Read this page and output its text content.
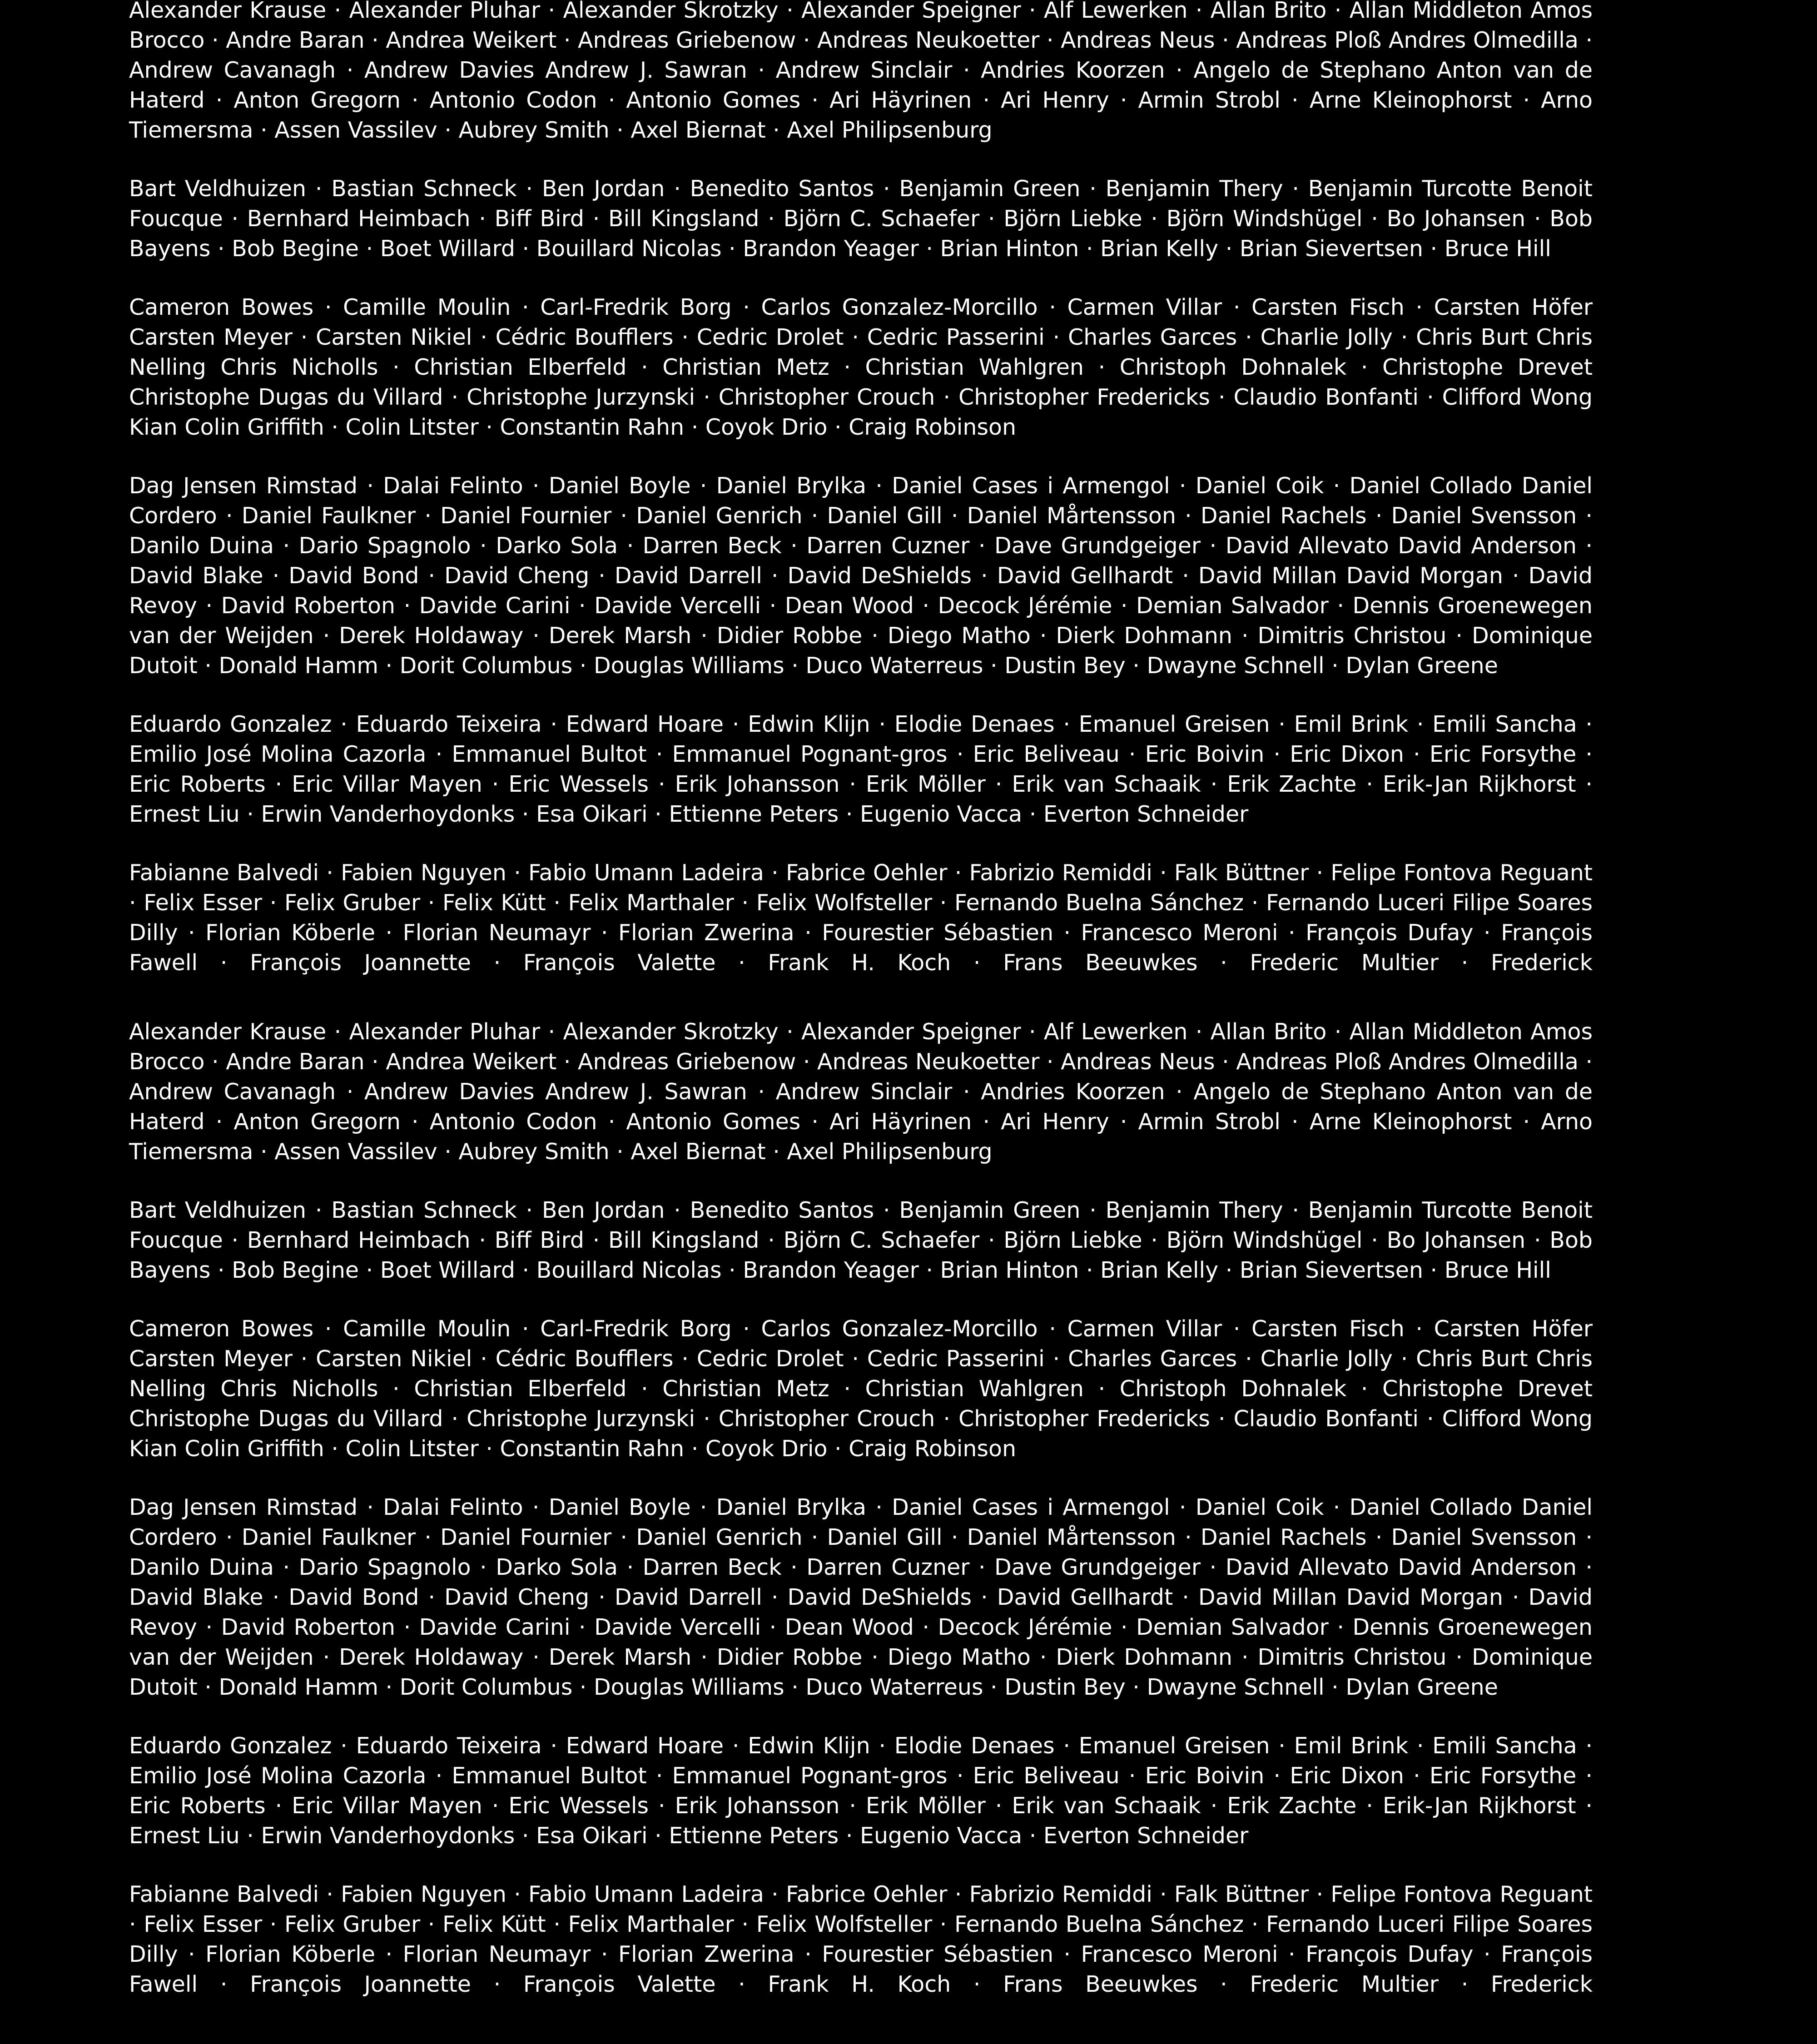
Alexander Krause · Alexander Pluhar · Alexander Skrotzky · Alexander Speigner · Alf Lewerken · Allan Brito · Allan Middleton Amos Brocco · Andre Baran · Andrea Weikert · Andreas Griebenow · Andreas Neukoetter · Andreas Neus · Andreas Ploß Andres Olmedilla · Andrew Cavanagh · Andrew Davies Andrew J. Sawran · Andrew Sinclair · Andries Koorzen · Angelo de Stephano Anton van de Haterd · Anton Gregorn · Antonio Codon · Antonio Gomes · Ari Häyrinen · Ari Henry · Armin Strobl · Arne Kleinophorst · Arno Tiemersma · Assen Vassilev · Aubrey Smith · Axel Biernat · Axel Philipsenburg

Bart Veldhuizen · Bastian Schneck · Ben Jordan · Benedito Santos · Benjamin Green · Benjamin Thery · Benjamin Turcotte Benoit Foucque · Bernhard Heimbach · Biff Bird · Bill Kingsland · Björn C. Schaefer · Björn Liebke · Björn Windshügel · Bo Johansen · Bob Bayens · Bob Begine · Boet Willard · Bouillard Nicolas · Brandon Yeager · Brian Hinton · Brian Kelly · Brian Sievertsen · Bruce Hill

Cameron Bowes · Camille Moulin · Carl-Fredrik Borg · Carlos Gonzalez-Morcillo · Carmen Villar · Carsten Fisch · Carsten Höfer Carsten Meyer · Carsten Nikiel · Cédric Boufflers · Cedric Drolet · Cedric Passerini · Charles Garces · Charlie Jolly · Chris Burt Chris Nelling Chris Nicholls · Christian Elberfeld · Christian Metz · Christian Wahlgren · Christoph Dohnalek · Christophe Drevet Christophe Dugas du Villard · Christophe Jurzynski · Christopher Crouch · Christopher Fredericks · Claudio Bonfanti · Clifford Wong Kian Colin Griffith · Colin Litster · Constantin Rahn · Coyok Drio · Craig Robinson

Dag Jensen Rimstad · Dalai Felinto · Daniel Boyle · Daniel Brylka · Daniel Cases i Armengol · Daniel Coik · Daniel Collado Daniel Cordero · Daniel Faulkner · Daniel Fournier · Daniel Genrich · Daniel Gill · Daniel Mårtensson · Daniel Rachels · Daniel Svensson · Danilo Duina · Dario Spagnolo · Darko Sola · Darren Beck · Darren Cuzner · Dave Grundgeiger · David Allevato David Anderson · David Blake · David Bond · David Cheng · David Darrell · David DeShields · David Gellhardt · David Millan David Morgan · David Revoy · David Roberton · Davide Carini · Davide Vercelli · Dean Wood · Decock Jérémie · Demian Salvador · Dennis Groenewegen van der Weijden · Derek Holdaway · Derek Marsh · Didier Robbe · Diego Matho · Dierk Dohmann · Dimitris Christou · Dominique Dutoit · Donald Hamm · Dorit Columbus · Douglas Williams · Duco Waterreus · Dustin Bey · Dwayne Schnell · Dylan Greene

Eduardo Gonzalez · Eduardo Teixeira · Edward Hoare · Edwin Klijn · Elodie Denaes · Emanuel Greisen · Emil Brink · Emili Sancha · Emilio José Molina Cazorla · Emmanuel Bultot · Emmanuel Pognant-gros · Eric Beliveau · Eric Boivin · Eric Dixon · Eric Forsythe · Eric Roberts · Eric Villar Mayen · Eric Wessels · Erik Johansson · Erik Möller · Erik van Schaaik · Erik Zachte · Erik-Jan Rijkhorst · Ernest Liu · Erwin Vanderhoydonks · Esa Oikari · Ettienne Peters · Eugenio Vacca · Everton Schneider

Fabianne Balvedi · Fabien Nguyen · Fabio Umann Ladeira · Fabrice Oehler · Fabrizio Remiddi · Falk Büttner · Felipe Fontova Reguant · Felix Esser · Felix Gruber · Felix Kütt · Felix Marthaler · Felix Wolfsteller · Fernando Buelna Sánchez · Fernando Luceri Filipe Soares Dilly · Florian Köberle · Florian Neumayr · Florian Zwerina · Fourestier Sébastien · Francesco Meroni · François Dufay · François Fawell · François Joannette · François Valette · Frank H. Koch · Frans Beeuwkes · Frederic Multier · Frederick

Alexander Krause · Alexander Pluhar · Alexander Skrotzky · Alexander Speigner · Alf Lewerken · Allan Brito · Allan Middleton Amos Brocco · Andre Baran · Andrea Weikert · Andreas Griebenow · Andreas Neukoetter · Andreas Neus · Andreas Ploß Andres Olmedilla · Andrew Cavanagh · Andrew Davies Andrew J. Sawran · Andrew Sinclair · Andries Koorzen · Angelo de Stephano Anton van de Haterd · Anton Gregorn · Antonio Codon · Antonio Gomes · Ari Häyrinen · Ari Henry · Armin Strobl · Arne Kleinophorst · Arno Tiemersma · Assen Vassilev · Aubrey Smith · Axel Biernat · Axel Philipsenburg

Bart Veldhuizen · Bastian Schneck · Ben Jordan · Benedito Santos · Benjamin Green · Benjamin Thery · Benjamin Turcotte Benoit Foucque · Bernhard Heimbach · Biff Bird · Bill Kingsland · Björn C. Schaefer · Björn Liebke · Björn Windshügel · Bo Johansen · Bob Bayens · Bob Begine · Boet Willard · Bouillard Nicolas · Brandon Yeager · Brian Hinton · Brian Kelly · Brian Sievertsen · Bruce Hill

Cameron Bowes · Camille Moulin · Carl-Fredrik Borg · Carlos Gonzalez-Morcillo · Carmen Villar · Carsten Fisch · Carsten Höfer Carsten Meyer · Carsten Nikiel · Cédric Boufflers · Cedric Drolet · Cedric Passerini · Charles Garces · Charlie Jolly · Chris Burt Chris Nelling Chris Nicholls · Christian Elberfeld · Christian Metz · Christian Wahlgren · Christoph Dohnalek · Christophe Drevet Christophe Dugas du Villard · Christophe Jurzynski · Christopher Crouch · Christopher Fredericks · Claudio Bonfanti · Clifford Wong Kian Colin Griffith · Colin Litster · Constantin Rahn · Coyok Drio · Craig Robinson

Dag Jensen Rimstad · Dalai Felinto · Daniel Boyle · Daniel Brylka · Daniel Cases i Armengol · Daniel Coik · Daniel Collado Daniel Cordero · Daniel Faulkner · Daniel Fournier · Daniel Genrich · Daniel Gill · Daniel Mårtensson · Daniel Rachels · Daniel Svensson · Danilo Duina · Dario Spagnolo · Darko Sola · Darren Beck · Darren Cuzner · Dave Grundgeiger · David Allevato David Anderson · David Blake · David Bond · David Cheng · David Darrell · David DeShields · David Gellhardt · David Millan David Morgan · David Revoy · David Roberton · Davide Carini · Davide Vercelli · Dean Wood · Decock Jérémie · Demian Salvador · Dennis Groenewegen van der Weijden · Derek Holdaway · Derek Marsh · Didier Robbe · Diego Matho · Dierk Dohmann · Dimitris Christou · Dominique Dutoit · Donald Hamm · Dorit Columbus · Douglas Williams · Duco Waterreus · Dustin Bey · Dwayne Schnell · Dylan Greene

Eduardo Gonzalez · Eduardo Teixeira · Edward Hoare · Edwin Klijn · Elodie Denaes · Emanuel Greisen · Emil Brink · Emili Sancha · Emilio José Molina Cazorla · Emmanuel Bultot · Emmanuel Pognant-gros · Eric Beliveau · Eric Boivin · Eric Dixon · Eric Forsythe · Eric Roberts · Eric Villar Mayen · Eric Wessels · Erik Johansson · Erik Möller · Erik van Schaaik · Erik Zachte · Erik-Jan Rijkhorst · Ernest Liu · Erwin Vanderhoydonks · Esa Oikari · Ettienne Peters · Eugenio Vacca · Everton Schneider

Fabianne Balvedi · Fabien Nguyen · Fabio Umann Ladeira · Fabrice Oehler · Fabrizio Remiddi · Falk Büttner · Felipe Fontova Reguant · Felix Esser · Felix Gruber · Felix Kütt · Felix Marthaler · Felix Wolfsteller · Fernando Buelna Sánchez · Fernando Luceri Filipe Soares Dilly · Florian Köberle · Florian Neumayr · Florian Zwerina · Fourestier Sébastien · Francesco Meroni · François Dufay · François Fawell · François Joannette · François Valette · Frank H. Koch · Frans Beeuwkes · Frederic Multier · Frederick
